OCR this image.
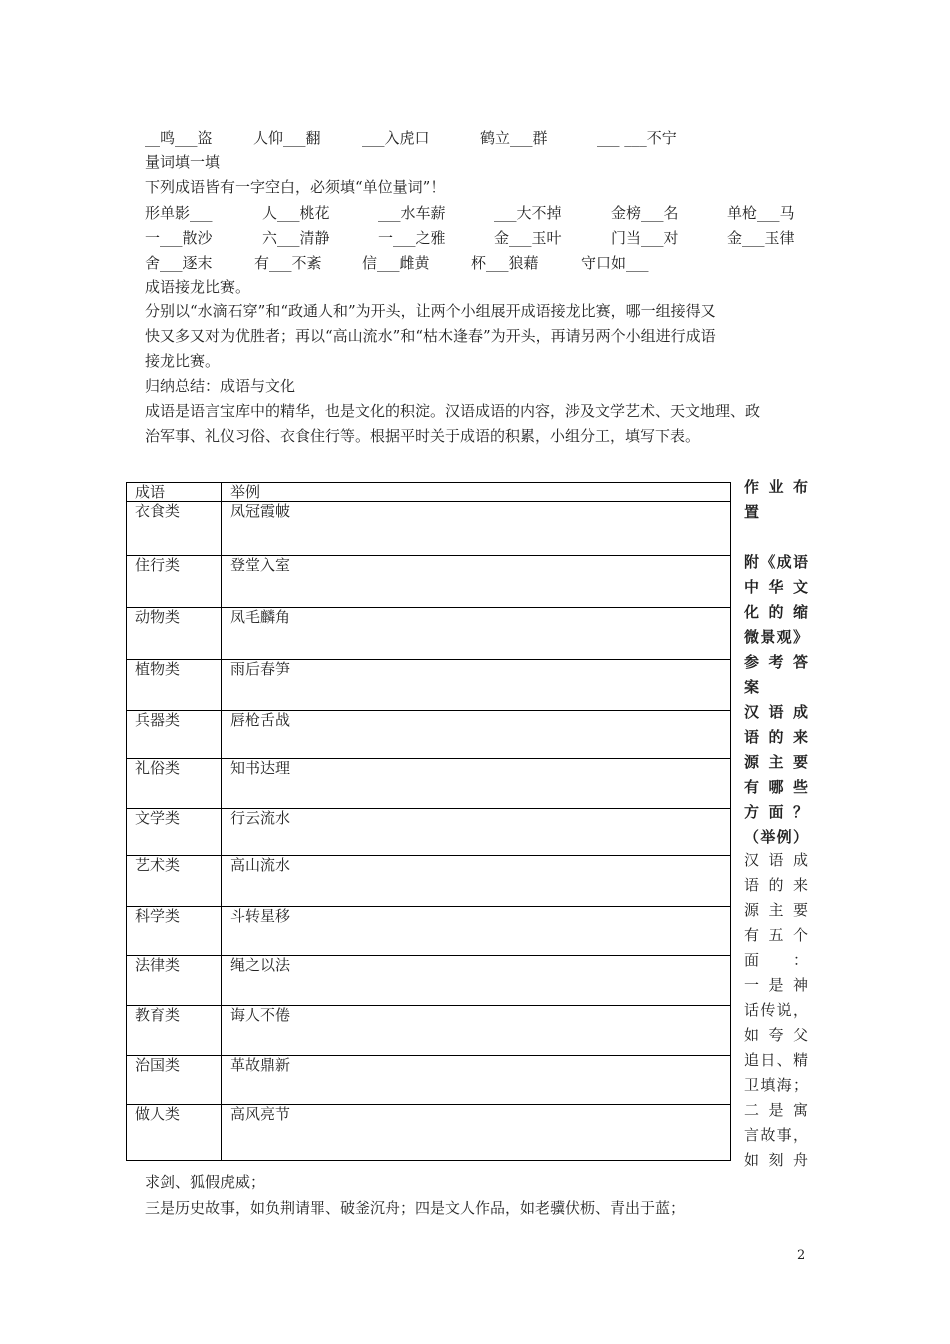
__鸣___盗	人仰___翻	___入虎口	鹤立___群	___ ___不宁
量词填一填
下列成语皆有一字空白，必须填“单位量词”！
形单影___	人___桃花	___水车薪	___大不掉	金榜___名	单枪___马
一___散沙	六___清静	一___之雅	金___玉叶	门当___对	金___玉律
舍___逐末	有___不紊	信___雌黄	杯___狼藉	守口如___
成语接龙比赛。
分别以“水滴石穿”和“政通人和”为开头，让两个小组展开成语接龙比赛，哪一组接得又
快又多又对为优胜者；再以“高山流水”和“枯木逢春”为开头，再请另两个小组进行成语
接龙比赛。
归纳总结：成语与文化
成语是语言宝库中的精华，也是文化的积淀。汉语成语的内容，涉及文学艺术、天文地理、政
治军事、礼仪习俗、衣食住行等。根据平时关于成语的积累，小组分工，填写下表。
成语	举例
衣食类	凤冠霞帔
住行类	登堂入室
动物类	凤毛麟角
植物类	雨后春笋
兵器类	唇枪舌战
礼俗类	知书达理
文学类	行云流水
艺术类	高山流水
科学类	斗转星移
法律类	绳之以法
教育类	诲人不倦
治国类	革故鼎新
做人类	高风亮节
作 业 布
置
附 《 成 语
中 华 文
化 的 缩
微 景 观 》
参 考 答
案
汉 语 成
语 的 来
源 主 要
有 哪 些
方 面 ？
（ 举 例 ）
汉 语 成
语 的 来
源 主 要
有 五 个
面 ：
一 是 神
话 传 说 ，
如 夸 父
追 日 、 精
卫 填 海 ；
二 是 寓
言 故 事 ，
如 刻 舟
求剑、狐假虎威；
三是历史故事，如负荆请罪、破釜沉舟；四是文人作品，如老骥伏枥、青出于蓝；
2
